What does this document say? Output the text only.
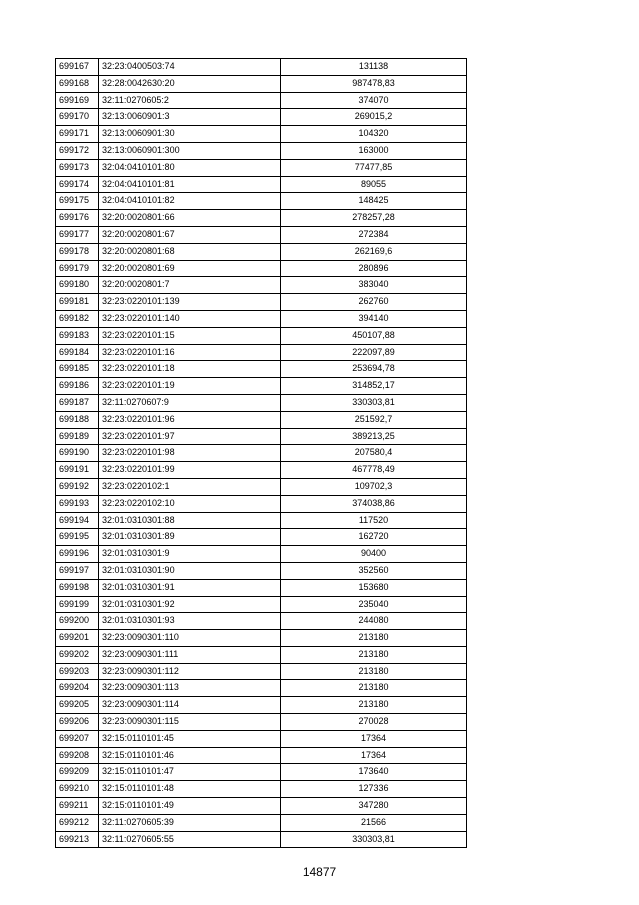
699167	32:23:0400503:74	131138
699168	32:28:0042630:20	987478,83
699169	32:11:0270605:2	374070
699170	32:13:0060901:3	269015,2
699171	32:13:0060901:30	104320
699172	32:13:0060901:300	163000
699173	32:04:0410101:80	77477,85
699174	32:04:0410101:81	89055
699175	32:04:0410101:82	148425
699176	32:20:0020801:66	278257,28
699177	32:20:0020801:67	272384
699178	32:20:0020801:68	262169,6
699179	32:20:0020801:69	280896
699180	32:20:0020801:7	383040
699181	32:23:0220101:139	262760
699182	32:23:0220101:140	394140
699183	32:23:0220101:15	450107,88
699184	32:23:0220101:16	222097,89
699185	32:23:0220101:18	253694,78
699186	32:23:0220101:19	314852,17
699187	32:11:0270607:9	330303,81
699188	32:23:0220101:96	251592,7
699189	32:23:0220101:97	389213,25
699190	32:23:0220101:98	207580,4
699191	32:23:0220101:99	467778,49
699192	32:23:0220102:1	109702,3
699193	32:23:0220102:10	374038,86
699194	32:01:0310301:88	117520
699195	32:01:0310301:89	162720
699196	32:01:0310301:9	90400
699197	32:01:0310301:90	352560
699198	32:01:0310301:91	153680
699199	32:01:0310301:92	235040
699200	32:01:0310301:93	244080
699201	32:23:0090301:110	213180
699202	32:23:0090301:111	213180
699203	32:23:0090301:112	213180
699204	32:23:0090301:113	213180
699205	32:23:0090301:114	213180
699206	32:23:0090301:115	270028
699207	32:15:0110101:45	17364
699208	32:15:0110101:46	17364
699209	32:15:0110101:47	173640
699210	32:15:0110101:48	127336
699211	32:15:0110101:49	347280
699212	32:11:0270605:39	21566
699213	32:11:0270605:55	330303,81
14877
